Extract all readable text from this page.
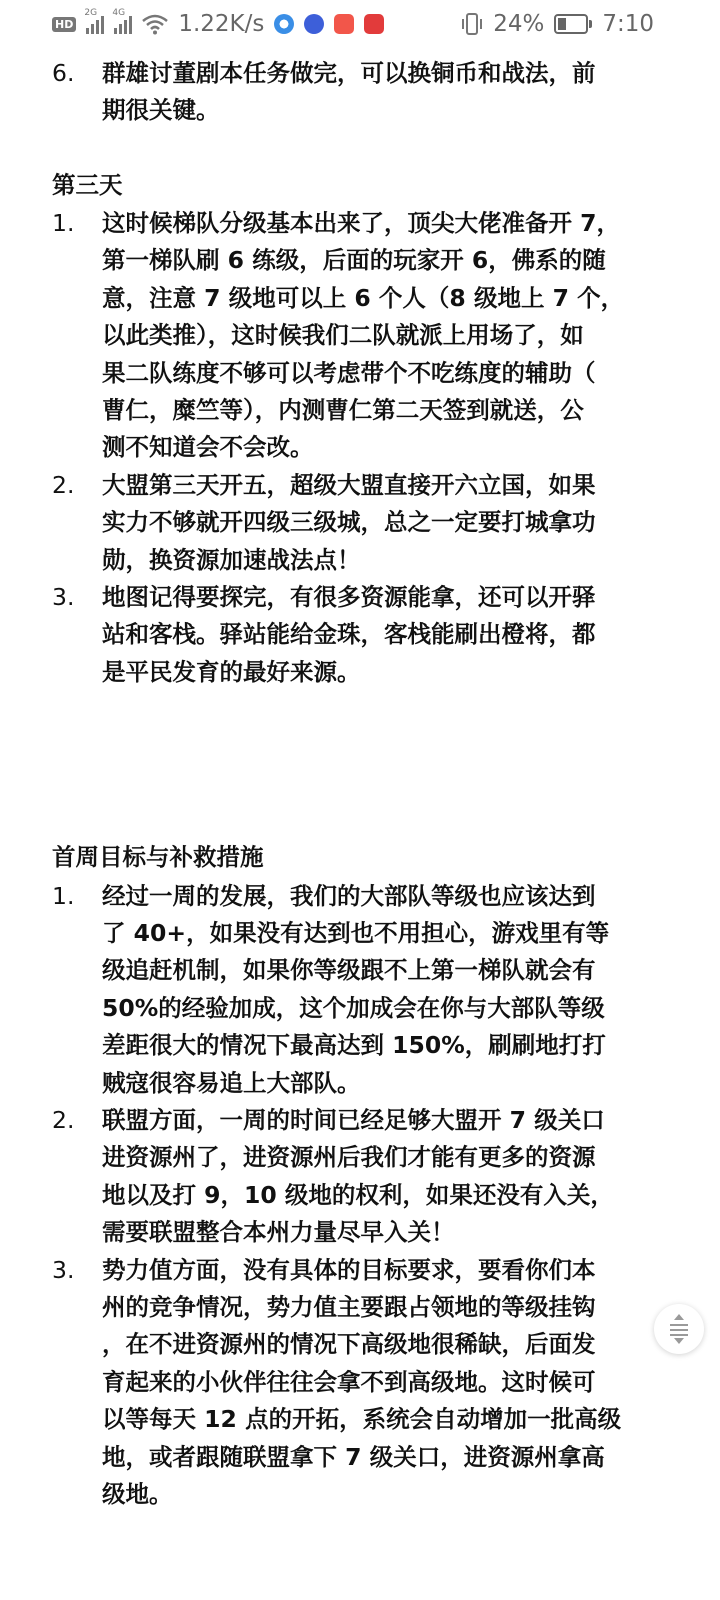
HD
2G 4G 1.22K/s	24%	7:10
6. 群雄讨董剧本任务做完，可以换铜币和战法，前
期很关键。
第三天
1. 这时候梯队分级基本出来了，顶尖大佬准备开 7，
第一梯队刷 6 练级，后面的玩家开 6，佛系的随
意，注意 7 级地可以上 6 个人（8 级地上 7 个，
以此类推），这时候我们二队就派上用场了，如
果二队练度不够可以考虑带个不吃练度的辅助（
曹仁，糜竺等），内测曹仁第二天签到就送，公
测不知道会不会改。
2. 大盟第三天开五，超级大盟直接开六立国，如果
实力不够就开四级三级城，总之一定要打城拿功
勋，换资源加速战法点！
3. 地图记得要探完，有很多资源能拿，还可以开驿
站和客栈。驿站能给金珠，客栈能刷出橙将，都
是平民发育的最好来源。
首周目标与补救措施
1. 经过一周的发展，我们的大部队等级也应该达到
了 40+，如果没有达到也不用担心，游戏里有等
级追赶机制，如果你等级跟不上第一梯队就会有
50%的经验加成，这个加成会在你与大部队等级
差距很大的情况下最高达到 150%，刷刷地打打
贼寇很容易追上大部队。
2. 联盟方面，一周的时间已经足够大盟开 7 级关口
进资源州了，进资源州后我们才能有更多的资源
地以及打 9，10 级地的权利，如果还没有入关，
需要联盟整合本州力量尽早入关！
3. 势力值方面，没有具体的目标要求，要看你们本
州的竞争情况，势力值主要跟占领地的等级挂钩
，在不进资源州的情况下高级地很稀缺，后面发
育起来的小伙伴往往会拿不到高级地。这时候可
以等每天 12 点的开拓，系统会自动增加一批高级
地，或者跟随联盟拿下 7 级关口，进资源州拿高
级地。
